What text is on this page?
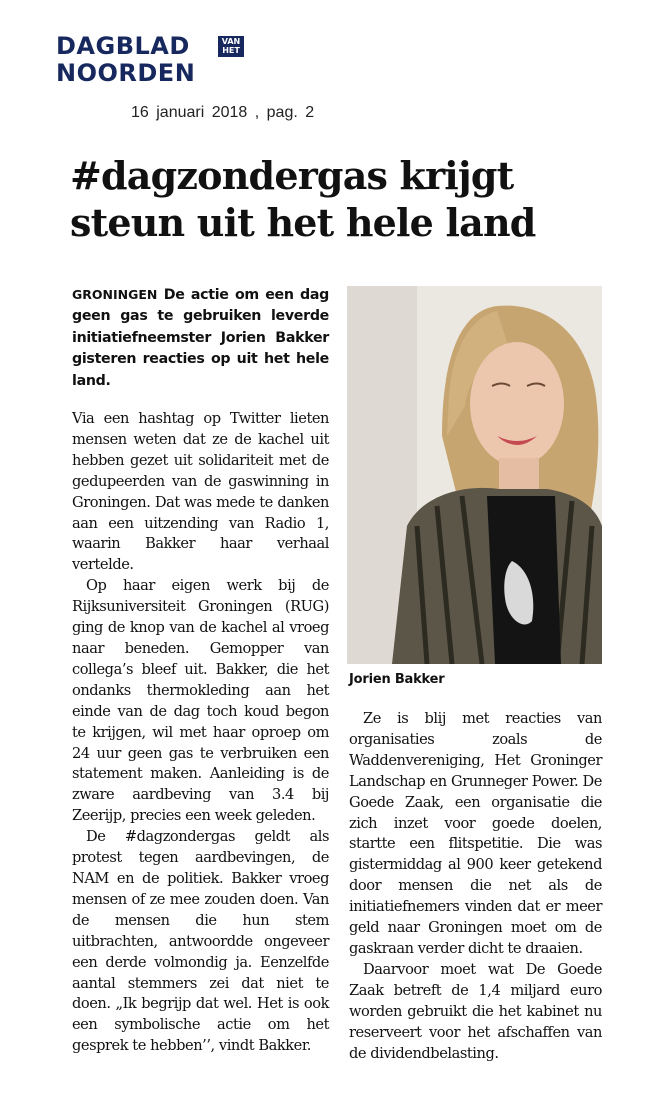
DAGBLAD
NOORDEN
VAN
HET
16 januari 2018 , pag. 2
#dagzondergas krijgt
steun uit het hele land

GRONINGEN De actie om een dag geen gas te gebruiken leverde initiatiefneemster Jorien Bakker gisteren reacties op uit het hele land.

Via een hashtag op Twitter lieten mensen weten dat ze de kachel uit hebben gezet uit solidariteit met de gedupeerden van de gaswinning in Groningen. Dat was mede te danken aan een uitzending van Radio 1, waarin Bakker haar verhaal vertelde.

Op haar eigen werk bij de Rijksuniversiteit Groningen (RUG) ging de knop van de kachel al vroeg naar beneden. Gemopper van collega’s bleef uit. Bakker, die het ondanks thermokleding aan het einde van de dag toch koud begon te krijgen, wil met haar oproep om 24 uur geen gas te verbruiken een statement maken. Aanleiding is de zware aardbeving van 3.4 bij Zeerijp, precies een week geleden.

De #dagzondergas geldt als protest tegen aardbevingen, de NAM en de politiek. Bakker vroeg mensen of ze mee zouden doen. Van de mensen die hun stem uitbrachten, antwoordde ongeveer een derde volmondig ja. Eenzelfde aantal stemmers zei dat niet te doen. „Ik begrijp dat wel. Het is ook een symbolische actie om het gesprek te hebben’’, vindt Bakker.

Jorien Bakker

Ze is blij met reacties van organisaties zoals de Waddenvereniging, Het Groninger Landschap en Grunneger Power. De Goede Zaak, een organisatie die zich inzet voor goede doelen, startte een flitspetitie. Die was gistermiddag al 900 keer getekend door mensen die net als de initiatiefnemers vinden dat er meer geld naar Groningen moet om de gaskraan verder dicht te draaien.

Daarvoor moet wat De Goede Zaak betreft de 1,4 miljard euro worden gebruikt die het kabinet nu reserveert voor het afschaffen van de dividendbelasting.
